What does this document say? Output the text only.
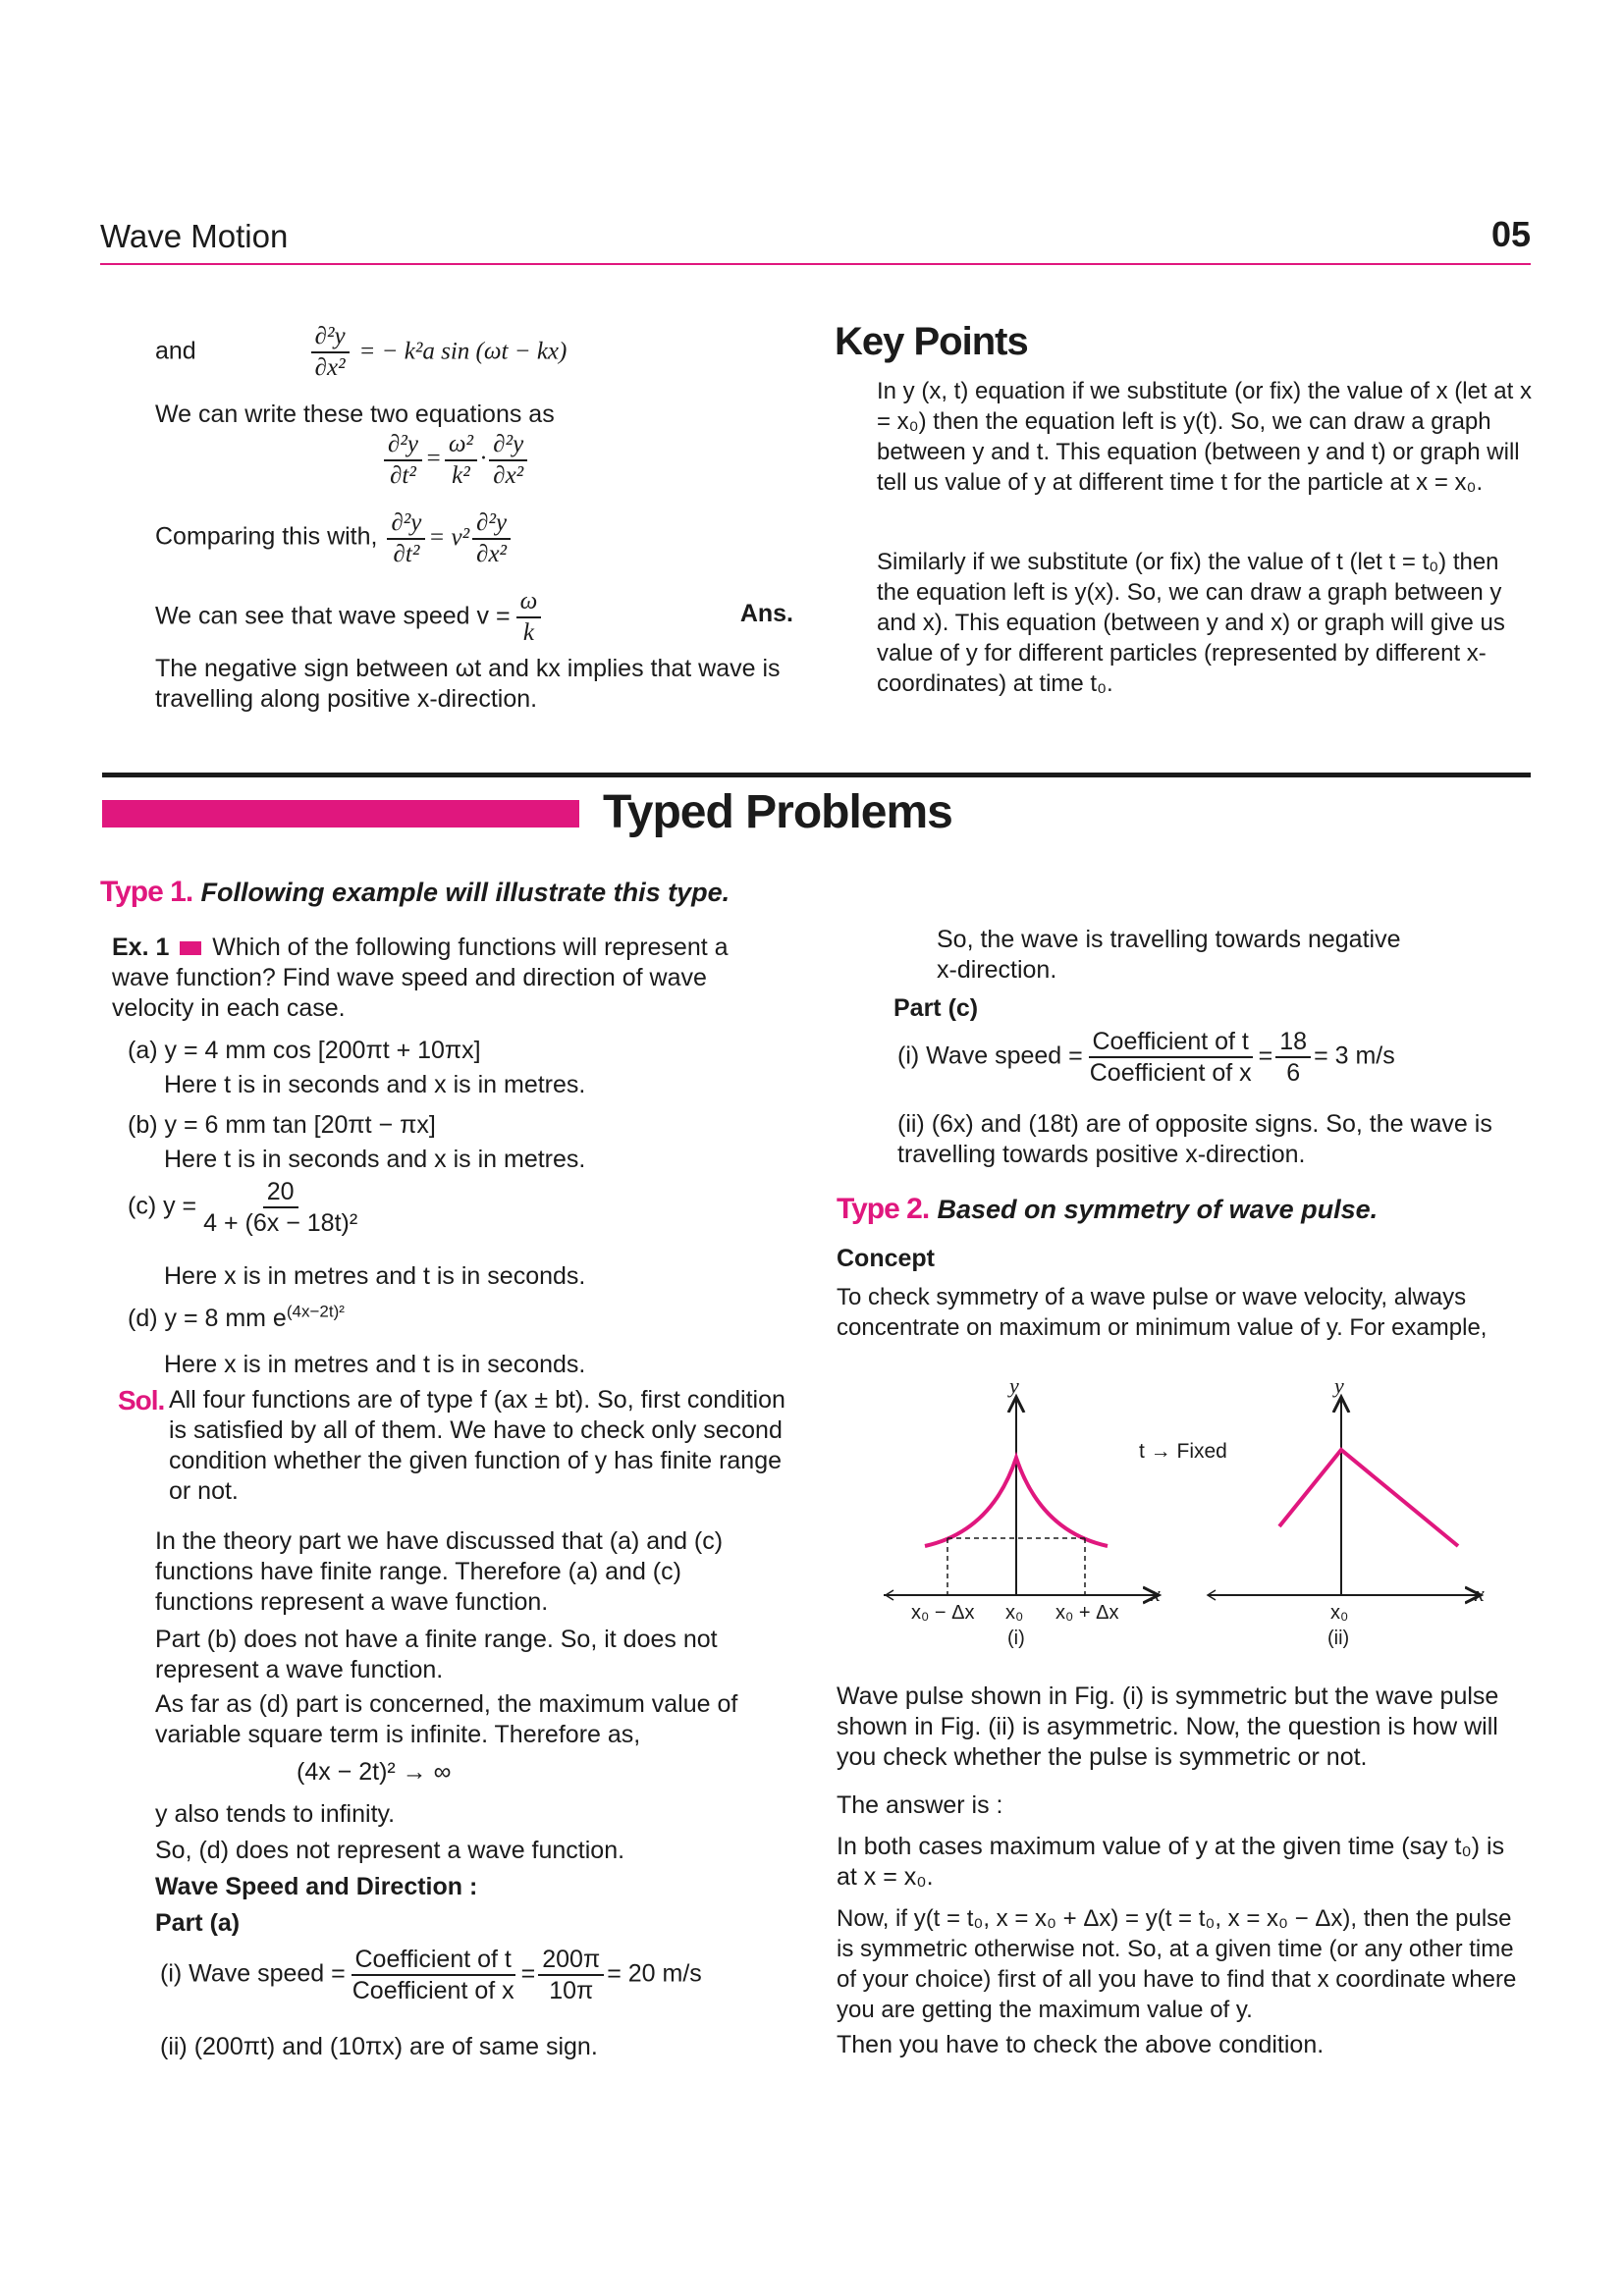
Wave Motion	05
and	$\frac{\text{∂²y}}{\text{∂x²}}$ = − k²a sin (ωt − kx)
We can write these two equations as
$\frac{\text{∂²y}}{\text{∂t²}} = \frac{\text{ω²}}{\text{k²}} \cdot \frac{\text{∂²y}}{\text{∂x²}}$
Comparing this with, $\frac{\text{∂²y}}{\text{∂t²}} = v^2 \frac{\text{∂²y}}{\text{∂x²}}$
We can see that wave speed $v = \frac{\omega}{k}$	Ans.
The negative sign between ωt and kx implies that wave is travelling along positive x-direction.
Key Points
In y (x, t) equation if we substitute (or fix) the value of x (let at x = x₀) then the equation left is y(t). So, we can draw a graph between y and t. This equation (between y and t) or graph will tell us value of y at different time t for the particle at x = x₀.
Similarly if we substitute (or fix) the value of t (let t = t₀) then the equation left is y(x). So, we can draw a graph between y and x). This equation (between y and x) or graph will give us value of y for different particles (represented by different x-coordinates) at time t₀.
Typed Problems
Type 1. Following example will illustrate this type.
Ex. 1 Which of the following functions will represent a wave function? Find wave speed and direction of wave velocity in each case.
(a) y = 4 mm cos [200πt + 10πx]
Here t is in seconds and x is in metres.
(b) y = 6 mm tan [20πt − πx]
Here t is in seconds and x is in metres.
(c) $y = \frac{20}{\text{4 + (6x − 18t)²}}$
Here x is in metres and t is in seconds.
(d) y = 8 mm $e^{(4x-2t)^2}$
Here x is in metres and t is in seconds.
Sol. All four functions are of type f (ax ± bt). So, first condition is satisfied by all of them. We have to check only second condition whether the given function of y has finite range or not.
In the theory part we have discussed that (a) and (c) functions have finite range. Therefore (a) and (c) functions represent a wave function.
Part (b) does not have a finite range. So, it does not represent a wave function.
As far as (d) part is concerned, the maximum value of variable square term is infinite. Therefore as,
(4x − 2t)² → ∞
y also tends to infinity.
So, (d) does not represent a wave function.
Wave Speed and Direction :
Part (a)
(i) Wave speed = $\frac{\text{Coefficient of t}}{\text{Coefficient of x}} = \frac{200\pi}{10\pi} = 20$ m/s
(ii) (200πt) and (10πx) are of same sign.
So, the wave is travelling towards negative x-direction.
Part (c)
(i) Wave speed = $\frac{\text{Coefficient of t}}{\text{Coefficient of x}} = \frac{18}{6} = 3$ m/s
(ii) (6x) and (18t) are of opposite signs. So, the wave is travelling towards positive x-direction.
Type 2. Based on symmetry of wave pulse.
Concept
To check symmetry of a wave pulse or wave velocity, always concentrate on maximum or minimum value of y. For example,
y
x
x₀ − Δx x₀ x₀ + Δx
(i)
t → Fixed
y
x
x₀
(ii)
Wave pulse shown in Fig. (i) is symmetric but the wave pulse shown in Fig. (ii) is asymmetric. Now, the question is how will you check whether the pulse is symmetric or not.
The answer is :
In both cases maximum value of y at the given time (say t₀) is at x = x₀.
Now, if y(t = t₀, x = x₀ + Δx) = y(t = t₀, x = x₀ − Δx), then the pulse is symmetric otherwise not. So, at a given time (or any other time of your choice) first of all you have to find that x coordinate where you are getting the maximum value of y.
Then you have to check the above condition.
